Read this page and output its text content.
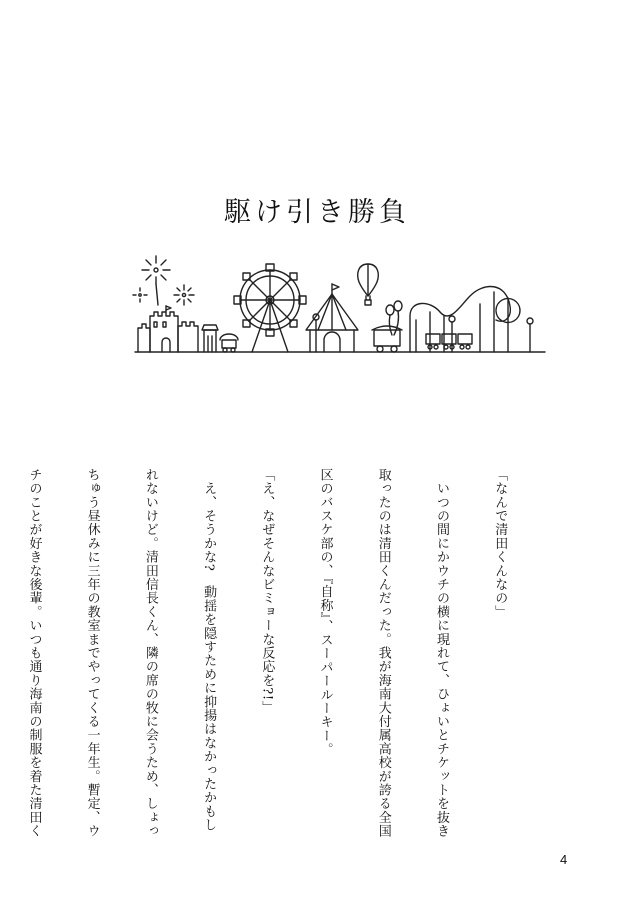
駆け引き勝負

「なんで清田くんなの」

　いつの間にかウチの横に現れて、ひょいとチケットを抜き

取ったのは清田くんだった。我が海南大付属高校が誇る全国

区のバスケ部の、『自称』、スーパールーキー。

「え、なぜそんなビミョーな反応を?!」

　え、そうかな?　動揺を隠すために抑揚はなかったかもし

れないけど。清田信長くん、隣の席の牧に会うため、しょっ

ちゅう昼休みに三年の教室までやってくる一年生。暫定、ウ

チのことが好きな後輩。いつも通り海南の制服を着た清田く

4
